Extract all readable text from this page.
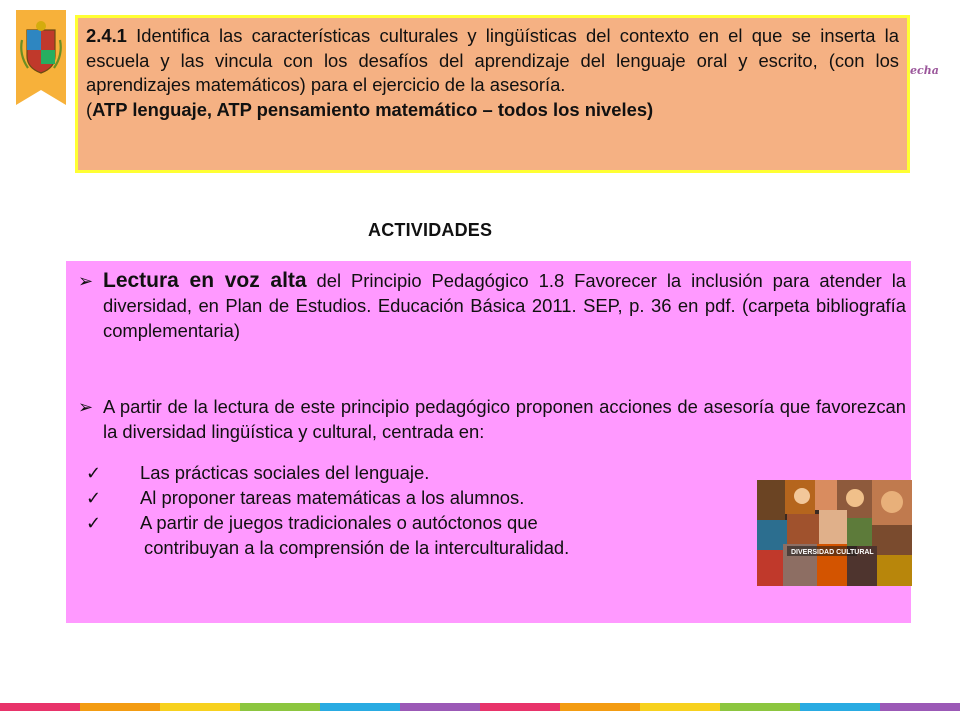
echa
2.4.1 Identifica las características culturales y lingüísticas del contexto en el que se inserta la escuela y las vincula con los desafíos del aprendizaje del lenguaje oral y escrito, (con los aprendizajes matemáticos) para el ejercicio de la asesoría.
(ATP lenguaje, ATP pensamiento matemático – todos los niveles)
ACTIVIDADES
➢ Lectura en voz alta del Principio Pedagógico 1.8 Favorecer la inclusión para atender la diversidad, en Plan de Estudios. Educación Básica 2011. SEP, p. 36 en pdf. (carpeta bibliografía complementaria)
➢ A partir de la lectura de este principio pedagógico proponen acciones de asesoría que favorezcan la diversidad lingüística y cultural, centrada en:
✓ Las prácticas sociales del lenguaje.
✓ Al proponer tareas matemáticas a los alumnos.
✓ A partir de juegos tradicionales o autóctonos que
contribuyan a la comprensión de la interculturalidad.	DIVERSIDAD CULTURAL
